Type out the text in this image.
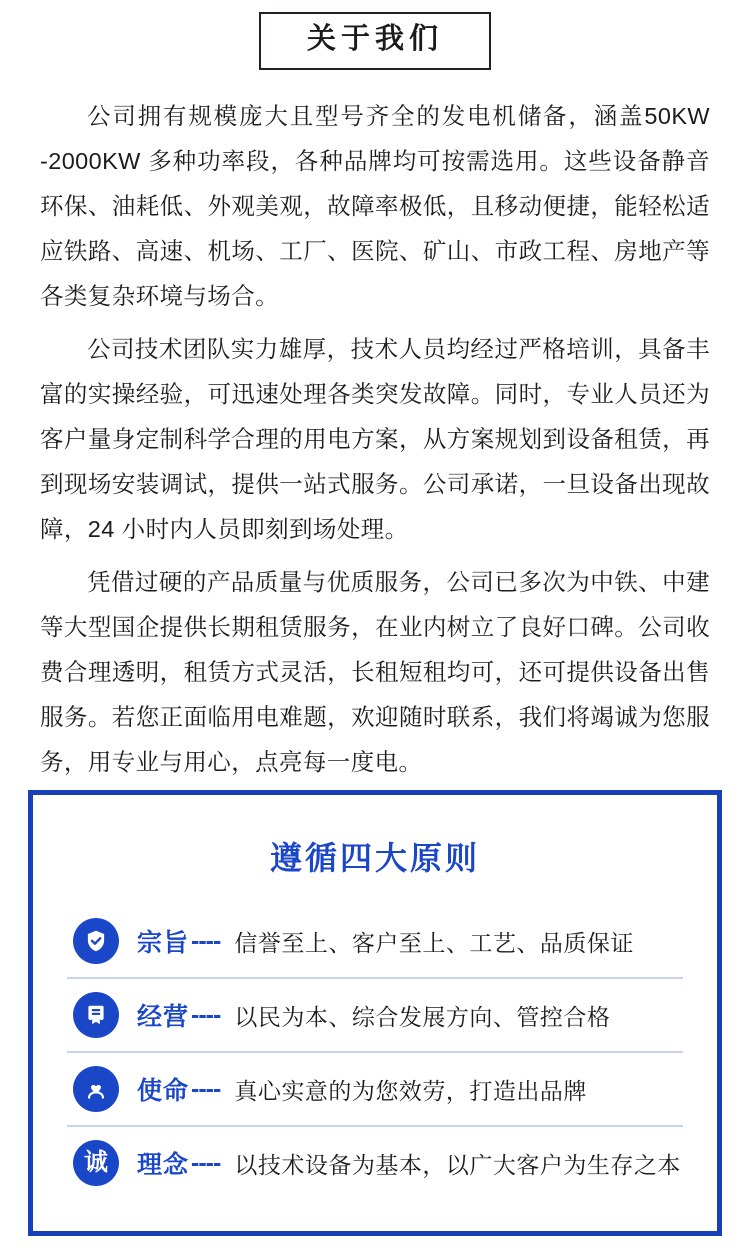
关于我们

公司拥有规模庞大且型号齐全的发电机储备，涵盖50KW -2000KW 多种功率段，各种品牌均可按需选用。这些设备静音环保、油耗低、外观美观，故障率极低，且移动便捷，能轻松适应铁路、高速、机场、工厂、医院、矿山、市政工程、房地产等各类复杂环境与场合。

公司技术团队实力雄厚，技术人员均经过严格培训，具备丰富的实操经验，可迅速处理各类突发故障。同时，专业人员还为客户量身定制科学合理的用电方案，从方案规划到设备租赁，再到现场安装调试，提供一站式服务。公司承诺，一旦设备出现故障，24 小时内人员即刻到场处理。

凭借过硬的产品质量与优质服务，公司已多次为中铁、中建等大型国企提供长期租赁服务，在业内树立了良好口碑。公司收费合理透明，租赁方式灵活，长租短租均可，还可提供设备出售服务。若您正面临用电难题，欢迎随时联系，我们将竭诚为您服务，用专业与用心，点亮每一度电。

遵循四大原则
宗旨 ---- 信誉至上、客户至上、工艺、品质保证
经营 ---- 以民为本、综合发展方向、管控合格
使命 ---- 真心实意的为您效劳，打造出品牌
诚 理念 ---- 以技术设备为基本，以广大客户为生存之本
